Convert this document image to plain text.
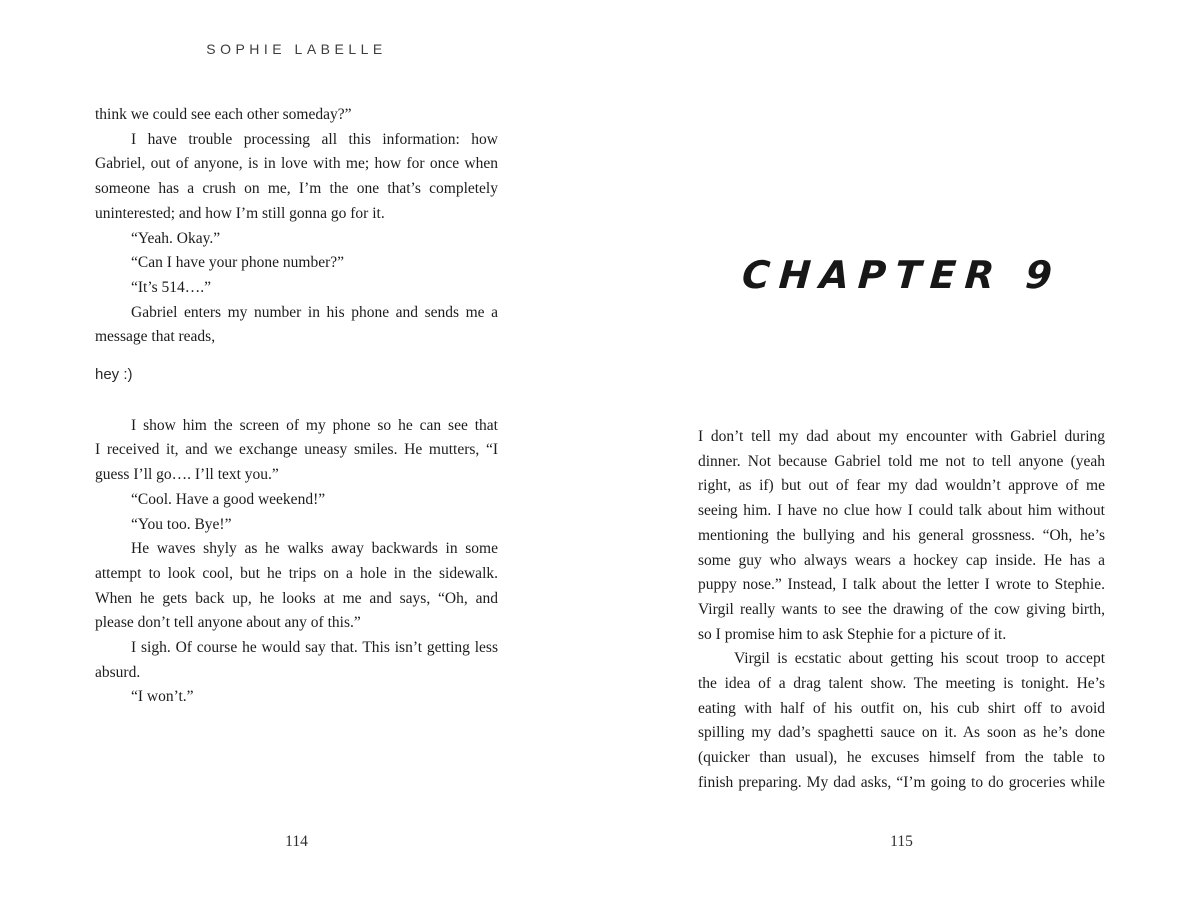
SOPHIE LABELLE
think we could see each other someday?”
I have trouble processing all this information: how
Gabriel, out of anyone, is in love with me; how for once when
someone has a crush on me, I’m the one that’s completely
uninterested; and how I’m still gonna go for it.
“Yeah. Okay.”
“Can I have your phone number?”
“It’s 514….”
Gabriel enters my number in his phone and sends me a
message that reads,
hey :)
I show him the screen of my phone so he can see that
I received it, and we exchange uneasy smiles. He mutters, “I
guess I’ll go…. I’ll text you.”
“Cool. Have a good weekend!”
“You too. Bye!”
He waves shyly as he walks away backwards in some
attempt to look cool, but he trips on a hole in the sidewalk.
When he gets back up, he looks at me and says, “Oh, and
please don’t tell anyone about any of this.”
I sigh. Of course he would say that. This isn’t getting less
absurd.
“I won’t.”
114
CHAPTER 9
I don’t tell my dad about my encounter with Gabriel during
dinner. Not because Gabriel told me not to tell anyone (yeah
right, as if) but out of fear my dad wouldn’t approve of me
seeing him. I have no clue how I could talk about him without
mentioning the bullying and his general grossness. “Oh, he’s
some guy who always wears a hockey cap inside. He has a
puppy nose.” Instead, I talk about the letter I wrote to Stephie.
Virgil really wants to see the drawing of the cow giving birth,
so I promise him to ask Stephie for a picture of it.
Virgil is ecstatic about getting his scout troop to accept
the idea of a drag talent show. The meeting is tonight. He’s
eating with half of his outfit on, his cub shirt off to avoid
spilling my dad’s spaghetti sauce on it. As soon as he’s done
(quicker than usual), he excuses himself from the table to
finish preparing. My dad asks, “I’m going to do groceries while
115
